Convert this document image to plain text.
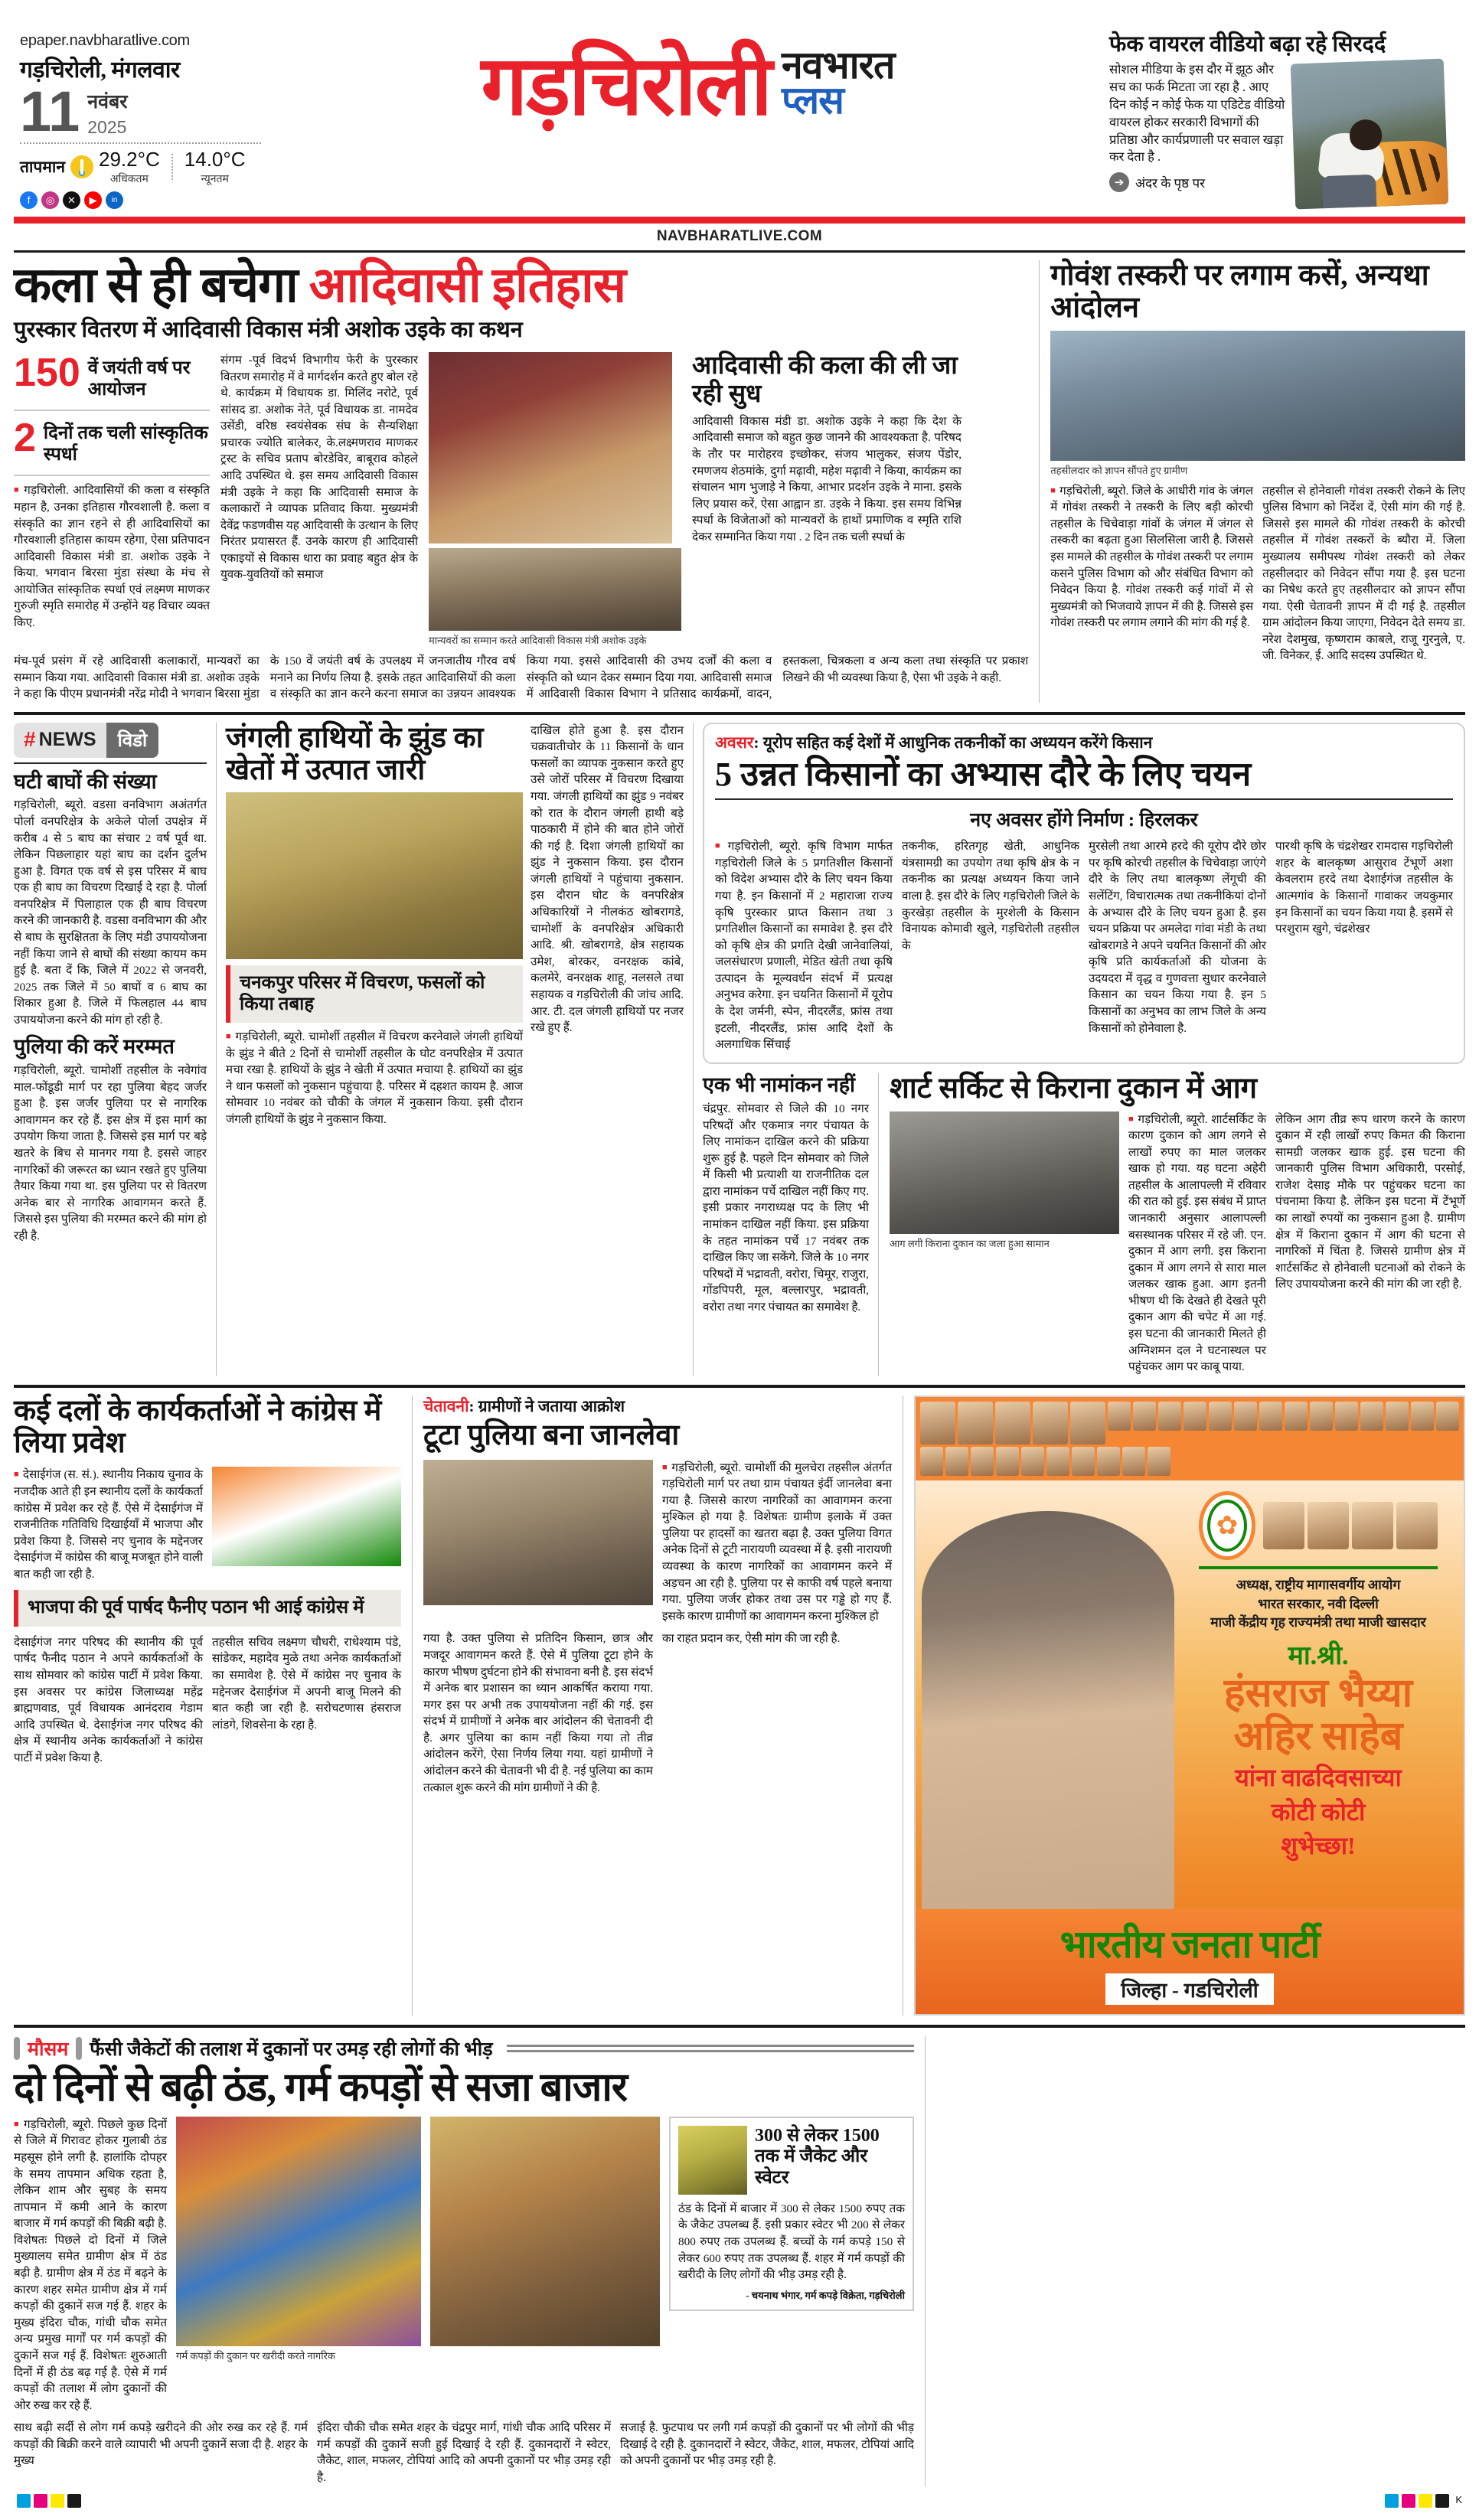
epaper.navbharatlive.com
गड़चिरोली, मंगलवार
11 नवंबर
2025
तापमान 29.2°C
अधिकतम
14.0°C
न्यूनतम
f	◎	✕	▶	in
गड़चिरोली नवभारत
प्लस
फेक वायरल वीडियो बढ़ा रहे सिरदर्द
सोशल मीडिया के इस दौर में झूठ और सच का फर्क मिटता जा रहा है . आए दिन कोई न कोई फेक या एडिटेड वीडियो वायरल होकर सरकारी विभागों की प्रतिष्ठा और कार्यप्रणाली पर सवाल खड़ा कर देता है .
➔ अंदर के पृष्ठ पर
NAVBHARATLIVE.COM
कला से ही बचेगा आदिवासी इतिहास
पुरस्कार वितरण में आदिवासी विकास मंत्री अशोक उइके का कथन
150 वें जयंती वर्ष पर आयोजन
2 दिनों तक चली सांस्कृतिक स्पर्धा
■ गड़चिरोली. आदिवासियों की कला व संस्कृति महान है, उनका इतिहास गौरवशाली है. कला व संस्कृति का ज्ञान रहने से ही आदिवासियों का गौरवशाली इतिहास कायम रहेगा, ऐसा प्रतिपादन आदिवासी विकास मंत्री डा. अशोक उइके ने किया. भगवान बिरसा मुंडा संस्था के मंच से आयोजित सांस्कृतिक स्पर्धा एवं लक्ष्मण माणकर गुरुजी स्मृति समारोह में उन्होंने यह विचार व्यक्त किए.
संगम -पूर्व विदर्भ विभागीय फेरी के पुरस्कार वितरण समारोह में वे मार्गदर्शन करते हुए बोल रहे थे. कार्यक्रम में विधायक डा. मिलिंद नरोटे, पूर्व सांसद डा. अशोक नेते, पूर्व विधायक डा. नामदेव उसेंडी, वरिष्ठ स्वयंसेवक संघ के सैन्यशिक्षा प्रचारक ज्योति बालेकर, के.लक्ष्मणराव माणकर ट्रस्ट के सचिव प्रताप बोरडेविर, बाबूराव कोहले आदि उपस्थित थे. इस समय आदिवासी विकास मंत्री उइके ने कहा कि आदिवासी समाज के कलाकारों ने व्यापक प्रतिवाद किया. मुख्यमंत्री देवेंद्र फडणवीस यह आदिवासी के उत्थान के लिए निरंतर प्रयासरत हैं. उनके कारण ही आदिवासी एकाइयों से विकास धारा का प्रवाह बहुत क्षेत्र के युवक-युवतियों को समाज
मान्यवरों का सम्मान करते आदिवासी विकास मंत्री अशोक उइके
आदिवासी की कला की ली जा रही सुध
आदिवासी विकास मंडी डा. अशोक उइके ने कहा कि देश के आदिवासी समाज को बहुत कुछ जानने की आवश्यकता है. परिषद के तौर पर मारोहरव इच्छोकर, संजय भालुकर, संजय पेंडोर, रमणजय शेठमांके, दुर्गा मढ़ावी, महेश मढ़ावी ने किया, कार्यक्रम का संचालन भाग भुजाड़े ने किया, आभार प्रदर्शन उइके ने माना. इसके लिए प्रयास करें, ऐसा आह्वान डा. उइके ने किया. इस समय विभिन्न स्पर्धा के विजेताओं को मान्यवरों के हाथों प्रमाणिक व स्मृति राशि देकर सम्मानित किया गया . 2 दिन तक चली स्पर्धा के
मंच-पूर्व प्रसंग में रहे आदिवासी कलाकारों, मान्यवरों का सम्मान किया गया. आदिवासी विकास मंत्री डा. अशोक उइके ने कहा कि पीएम प्रधानमंत्री नरेंद्र मोदी ने भगवान बिरसा मुंडा के 150 वें जयंती वर्ष के उपलक्ष्य में जनजातीय गौरव वर्ष मनाने का निर्णय लिया है. इसके तहत आदिवासियों की कला व संस्कृति का ज्ञान करने करना समाज का उन्नयन आवश्यक किया गया. इससे आदिवासी की उभय दर्जों की कला व संस्कृति को ध्यान देकर सम्मान दिया गया. आदिवासी समाज में आदिवासी विकास विभाग ने प्रतिसाद कार्यक्रमों, वादन, हस्तकला, चित्रकला व अन्य कला तथा संस्कृति पर प्रकाश लिखने की भी व्यवस्था किया है, ऐसा भी उइके ने कही.
गोवंश तस्करी पर लगाम कसें, अन्यथा आंदोलन
तहसीलदार को ज्ञापन सौंपते हुए ग्रामीण
■ गड़चिरोली, ब्यूरो. जिले के आधीरी गांव के जंगल में गोवंश तस्करी ने तस्करी के लिए बड़ी कोरची तहसील के चिचेवाड़ा गांवों के जंगल में जंगल से तस्करी का बढ़ता हुआ सिलसिला जारी है. जिससे इस मामले की तहसील के गोवंश तस्करी पर लगाम कसने पुलिस विभाग को और संबंधित विभाग को निवेदन किया है. गोवंश तस्करी कई गांवों में से मुख्यमंत्री को भिजवाये ज्ञापन में की है. जिससे इस गोवंश तस्करी पर लगाम लगाने की मांग की गई है.
तहसील से होनेवाली गोवंश तस्करी रोकने के लिए पुलिस विभाग को निर्देश दें, ऐसी मांग की गई है. जिससे इस मामले की गोवंश तस्करी के कोरची तहसील में गोवंश तस्करों के ब्यौरा में. जिला मुख्यालय समीपस्थ गोवंश तस्करी को लेकर तहसीलदार को निवेदन सौंपा गया है. इस घटना का निषेध करते हुए तहसीलदार को ज्ञापन सौंपा गया. ऐसी चेतावनी ज्ञापन में दी गई है. तहसील ग्राम आंदोलन किया जाएगा, निवेदन देते समय डा. नरेश देशमुख, कृष्णराम काबले, राजू गुरनुले, ए. जी. विनेकर, ई. आदि सदस्य उपस्थित थे.
# NEWS	विडो
घटी बाघों की संख्या
गड़चिरोली, ब्यूरो. वडसा वनविभाग अअंतर्गत पोर्ला वनपरिक्षेत्र के अकेले पोर्ला उपक्षेत्र में करीब 4 से 5 बाघ का संचार 2 वर्ष पूर्व था. लेकिन पिछलाहार यहां बाघ का दर्शन दुर्लभ हुआ है. विगत एक वर्ष से इस परिसर में बाघ एक ही बाघ का विचरण दिखाई दे रहा है. पोर्ला वनपरिक्षेत्र में पिलाहाल एक ही बाघ विचरण करने की जानकारी है. वडसा वनविभाग की और से बाघ के सुरक्षितता के लिए मंडी उपाययोजना नहीं किया जाने से बाघों की संख्या कायम कम हुई है. बता दें कि, जिले में 2022 से जनवरी, 2025 तक जिले में 50 बाघों व 6 बाघ का शिकार हुआ है. जिले में फिलहाल 44 बाघ उपाययोजना करने की मांग हो रही है.
पुलिया की करें मरम्मत
गड़चिरोली, ब्यूरो. चामोर्शी तहसील के नवेगांव माल-फोंडूडी मार्ग पर रहा पुलिया बेहद जर्जर हुआ है. इस जर्जर पुलिया पर से नागरिक आवागमन कर रहे हैं. इस क्षेत्र में इस मार्ग का उपयोग किया जाता है. जिससे इस मार्ग पर बड़े खतरे के बिच से मानगर गया है. इससे जाहर नागरिकों की जरूरत का ध्यान रखते हुए पुलिया तैयार किया गया था. इस पुलिया पर से वितरण अनेक बार से नागरिक आवागमन करते हैं. जिससे इस पुलिया की मरम्मत करने की मांग हो रही है.
जंगली हाथियों के झुंड का खेतों में उत्पात जारी
चनकपुर परिसर में विचरण, फसलों को किया तबाह
■ गड़चिरोली, ब्यूरो. चामोर्शी तहसील में विचरण करनेवाले जंगली हाथियों के झुंड ने बीते 2 दिनों से चामोर्शी तहसील के घोट वनपरिक्षेत्र में उत्पात मचा रखा है. हाथियों के झुंड ने खेती में उत्पात मचाया है. हाथियों का झुंड ने धान फसलों को नुकसान पहुंचाया है. परिसर में दहशत कायम है. आज सोमवार 10 नवंबर को चौकी के जंगल में नुकसान किया. इसी दौरान जंगली हाथियों के झुंड ने नुकसान किया.
दाखिल होते हुआ है. इस दौरान चक्रवातीचोर के 11 किसानों के धान फसलों का व्यापक नुकसान करते हुए उसे जोरों परिसर में विचरण दिखाया गया. जंगली हाथियों का झुंड 9 नवंबर को रात के दौरान जंगली हाथी बड़े पाठकारी में होने की बात होने जोरों की गई है. दिशा जंगली हाथियों का झुंड ने नुकसान किया. इस दौरान जंगली हाथियों ने पहुंचाया नुकसान. इस दौरान घोट के वनपरिक्षेत्र अधिकारियों ने नीलकंठ खोबरागडे, चामोर्शी के वनपरिक्षेत्र अधिकारी आदि. श्री. खोबरागडे, क्षेत्र सहायक उमेश, बोरकर, वनरक्षक कांबे, कलमेरे, वनरक्षक शाहू, नलसले तथा सहायक व गड़चिरोली की जांच आदि. आर. टी. दल जंगली हाथियों पर नजर रखे हुए हैं.
अवसर: यूरोप सहित कई देशों में आधुनिक तकनीकों का अध्ययन करेंगे किसान
5 उन्नत किसानों का अभ्यास दौरे के लिए चयन
नए अवसर होंगे निर्माण : हिरलकर
■ गड़चिरोली, ब्यूरो. कृषि विभाग मार्फत गड़चिरोली जिले के 5 प्रगतिशील किसानों को विदेश अभ्यास दौरे के लिए चयन किया गया है. इन किसानों में 2 महाराजा राज्य कृषि पुरस्कार प्राप्त किसान तथा 3 प्रगतिशील किसानों का समावेश है. इस दौरे को कृषि क्षेत्र की प्रगति देखी जानेवालियां, जलसंधारण प्रणाली, मेडित खेती तथा कृषि उत्पादन के मूल्यवर्धन संदर्भ में प्रत्यक्ष अनुभव करेगा. इन चयनित किसानों में यूरोप के देश जर्मनी, स्पेन, नीदरलैंड, फ्रांस तथा इटली, नीदरलैंड, फ्रांस आदि देशों के अलगाधिक सिंचाई
तकनीक, हरितगृह खेती, आधुनिक यंत्रसामग्री का उपयोग तथा कृषि क्षेत्र के न तकनीक का प्रत्यक्ष अध्ययन किया जाने वाला है. इस दौरे के लिए गड़चिरोली जिले के कुरखेड़ा तहसील के मुरशेली के किसान विनायक कोमावी खुले, गड़चिरोली तहसील के
मुरसेली तथा आरमे हरदे की यूरोप दौरे छोर पर कृषि कोरची तहसील के चिचेवाड़ा जाएंगे दौरे के लिए तथा बालकृष्ण लेंगूची की सलेंटिंग, विचारात्मक तथा तकनीकियां दोनों के अभ्यास दौरे के लिए चयन हुआ है. इस चयन प्रक्रिया पर अमलेदा गांवा मंडी के तथा खोबरागडे ने अपने चयनित किसानों की ओर कृषि प्रति कार्यकर्ताओं की योजना के उदयदरा में वृद्ध व गुणवत्ता सुधार करनेवाले किसान का चयन किया गया है. इन 5 किसानों का अनुभव का लाभ जिले के अन्य किसानों को होनेवाला है.
पारथी कृषि के चंद्रशेखर रामदास गड़चिरोली शहर के बालकृष्ण आसुराव टेंभूर्णे अशा केवलराम हरदे तथा देशाईगंज तहसील के आत्मगांव के किसानों गावाकर जयकुमार इन किसानों का चयन किया गया है. इसमें से परशुराम खुगे, चंद्रशेखर
एक भी नामांकन नहीं
चंद्रपुर. सोमवार से जिले की 10 नगर परिषदों और एकमात्र नगर पंचायत के लिए नामांकन दाखिल करने की प्रक्रिया शुरू हुई है. पहले दिन सोमवार को जिले में किसी भी प्रत्याशी या राजनीतिक दल द्वारा नामांकन पर्चे दाखिल नहीं किए गए. इसी प्रकार नगराध्यक्ष पद के लिए भी नामांकन दाखिल नहीं किया. इस प्रक्रिया के तहत नामांकन पर्चे 17 नवंबर तक दाखिल किए जा सकेंगे. जिले के 10 नगर परिषदों में भद्रावती, वरोरा, चिमूर, राजुरा, गोंडपिपरी, मूल, बल्लारपुर, भद्रावती, वरोरा तथा नगर पंचायत का समावेश है.
शार्ट सर्किट से किराना दुकान में आग
आग लगी किराना दुकान का जला हुआ सामान
■ गड़चिरोली, ब्यूरो. शार्टसर्किट के कारण दुकान को आग लगने से लाखों रुपए का माल जलकर खाक हो गया. यह घटना अहेरी तहसील के आलापल्ली में रविवार की रात को हुई. इस संबंध में प्राप्त जानकारी अनुसार आलापल्ली बसस्थानक परिसर में रहे जी. एन. दुकान में आग लगी. इस किराना दुकान में आग लगने से सारा माल जलकर खाक हुआ. आग इतनी भीषण थी कि देखते ही देखते पूरी दुकान आग की चपेट में आ गई. इस घटना की जानकारी मिलते ही अग्निशमन दल ने घटनास्थल पर पहुंचकर आग पर काबू पाया.
लेकिन आग तीव्र रूप धारण करने के कारण दुकान में रही लाखों रुपए किमत की किराना सामग्री जलकर खाक हुई. इस घटना की जानकारी पुलिस विभाग अधिकारी, परसोई, राजेश देसाइ मौके पर पहुंचकर घटना का पंचनामा किया है. लेकिन इस घटना में टेंभूर्णे का लाखों रुपयों का नुकसान हुआ है. ग्रामीण क्षेत्र में किराना दुकान में आग की घटना से नागरिकों में चिंता है. जिससे ग्रामीण क्षेत्र में शार्टसर्किट से होनेवाली घटनाओं को रोकने के लिए उपाययोजना करने की मांग की जा रही है.
कई दलों के कार्यकर्ताओं ने कांग्रेस में लिया प्रवेश
■ देसाईगंज (स. सं.). स्थानीय निकाय चुनाव के नजदीक आते ही इन स्थानीय दलों के कार्यकर्ता कांग्रेस में प्रवेश कर रहे हैं. ऐसे में देसाईगंज में राजनीतिक गतिविधि दिखाईयाँ में भाजपा और प्रवेश किया है. जिससे नए चुनाव के मद्देनजर देसाईगंज में कांग्रेस की बाजू मजबूत होने वाली बात कही जा रही है.
भाजपा की पूर्व पार्षद फैनीए पठान भी आई कांग्रेस में
देसाईगंज नगर परिषद की स्थानीय की पूर्व पार्षद फैनीद पठान ने अपने कार्यकर्ताओं के साथ सोमवार को कांग्रेस पार्टी में प्रवेश किया. इस अवसर पर कांग्रेस जिलाध्यक्ष महेंद्र ब्राह्मणवाड, पूर्व विधायक आनंदराव गेडाम आदि उपस्थित थे. देसाईगंज नगर परिषद की क्षेत्र में स्थानीय अनेक कार्यकर्ताओं ने कांग्रेस पार्टी में प्रवेश किया है.
तहसील सचिव लक्ष्मण चौधरी, राधेश्याम पंडे, सांडेकर, महादेव मुळे तथा अनेक कार्यकर्ताओं का समावेश है. ऐसे में कांग्रेस नए चुनाव के मद्देनजर देसाईगंज में अपनी बाजू मिलने की बात कही जा रही है. सरोचटणास हंसराज लांडगे, शिवसेना के रहा है.
चेतावनी: ग्रामीणों ने जताया आक्रोश
टूटा पुलिया बना जानलेवा
■ गड़चिरोली, ब्यूरो. चामोर्शी की मुलचेरा तहसील अंतर्गत गड़चिरोली मार्ग पर तथा ग्राम पंचायत इंर्दी जानलेवा बना गया है. जिससे कारण नागरिकों का आवागमन करना मुश्किल हो गया है. विशेषतः ग्रामीण इलाके में उक्त पुलिया पर हादसों का खतरा बढ़ा है. उक्त पुलिया विगत अनेक दिनों से टूटी नारायणी व्यवस्था में है. इसी नारायणी व्यवस्था के कारण नागरिकों का आवागमन करने में अड़चन आ रही है. पुलिया पर से काफी वर्ष पहले बनाया गया. पुलिया जर्जर होकर तथा उस पर गड्ढे हो गए हैं. इसके कारण ग्रामीणों का आवागमन करना मुश्किल हो
गया है. उक्त पुलिया से प्रतिदिन किसान, छात्र और मजदूर आवागमन करते हैं. ऐसे में पुलिया टूटा होने के कारण भीषण दुर्घटना होने की संभावना बनी है. इस संदर्भ में अनेक बार प्रशासन का ध्यान आकर्षित कराया गया. मगर इस पर अभी तक उपाययोजना नहीं की गई. इस संदर्भ में ग्रामीणों ने अनेक बार आंदोलन की चेतावनी दी है. अगर पुलिया का काम नहीं किया गया तो तीव्र आंदोलन करेंगे, ऐसा निर्णय लिया गया. यहां ग्रामीणों ने आंदोलन करने की चेतावनी भी दी है. नई पुलिया का काम तत्काल शुरू करने की मांग ग्रामीणों ने की है.
का राहत प्रदान कर, ऐसी मांग की जा रही है.
✿
अध्यक्ष, राष्ट्रीय मागासवर्गीय आयोग
भारत सरकार, नवी दिल्ली
माजी केंद्रीय गृह राज्यमंत्री तथा माजी खासदार
मा.श्री.
हंसराज भैय्या
अहिर साहेब
यांना वाढदिवसाच्या
कोटी कोटी
शुभेच्छा!
भारतीय जनता पार्टी
जिल्हा - गडचिरोली
मौसम फैंसी जैकेटों की तलाश में दुकानों पर उमड़ रही लोगों की भीड़
दो दिनों से बढ़ी ठंड, गर्म कपड़ों से सजा बाजार
■ गड़चिरोली, ब्यूरो. पिछले कुछ दिनों से जिले में गिरावट होकर गुलाबी ठंड महसूस होने लगी है. हालांकि दोपहर के समय तापमान अधिक रहता है, लेकिन शाम और सुबह के समय तापमान में कमी आने के कारण बाजार में गर्म कपड़ों की बिक्री बढ़ी है. विशेषतः पिछले दो दिनों में जिले मुख्यालय समेत ग्रामीण क्षेत्र में ठंड बढ़ी है. ग्रामीण क्षेत्र में ठंड में बढ़ने के कारण शहर समेत ग्रामीण क्षेत्र में गर्म कपड़ों की दुकानें सज गई हैं. शहर के मुख्य इंदिरा चौक, गांधी चौक समेत अन्य प्रमुख मार्गों पर गर्म कपड़ों की दुकानें सज गई हैं. विशेषतः शुरुआती दिनों में ही ठंड बढ़ गई है. ऐसे में गर्म कपड़ों की तलाश में लोग दुकानों की ओर रुख कर रहे हैं.
गर्म कपड़ों की दुकान पर खरीदी करते नागरिक
300 से लेकर 1500 तक में जैकेट और स्वेटर
ठंड के दिनों में बाजार में 300 से लेकर 1500 रुपए तक के जैकेट उपलब्ध हैं. इसी प्रकार स्वेटर भी 200 से लेकर 800 रुपए तक उपलब्ध हैं. बच्चों के गर्म कपड़े 150 से लेकर 600 रुपए तक उपलब्ध हैं. शहर में गर्म कपड़ों की खरीदी के लिए लोगों की भीड़ उमड़ रही है.
- चयनाथ भंगार, गर्म कपड़े विक्रेता, गड़चिरोली
साथ बढ़ी सर्दी से लोग गर्म कपड़े खरीदने की ओर रुख कर रहे हैं. गर्म कपड़ों की बिक्री करने वाले व्यापारी भी अपनी दुकानें सजा दी है. शहर के मुख्य
इंदिरा चौकी चौक समेत शहर के चंद्रपुर मार्ग, गांधी चौक आदि परिसर में गर्म कपड़ों की दुकानें सजी हुई दिखाई दे रही हैं. दुकानदारों ने स्वेटर, जैकेट, शाल, मफलर, टोपियां आदि को अपनी दुकानों पर भीड़ उमड़ रही है.
सजाई है. फुटपाथ पर लगी गर्म कपड़ों की दुकानों पर भी लोगों की भीड़ दिखाई दे रही है. दुकानदारों ने स्वेटर, जैकेट, शाल, मफलर, टोपियां आदि को अपनी दुकानों पर भीड़ उमड़ रही है.
K
